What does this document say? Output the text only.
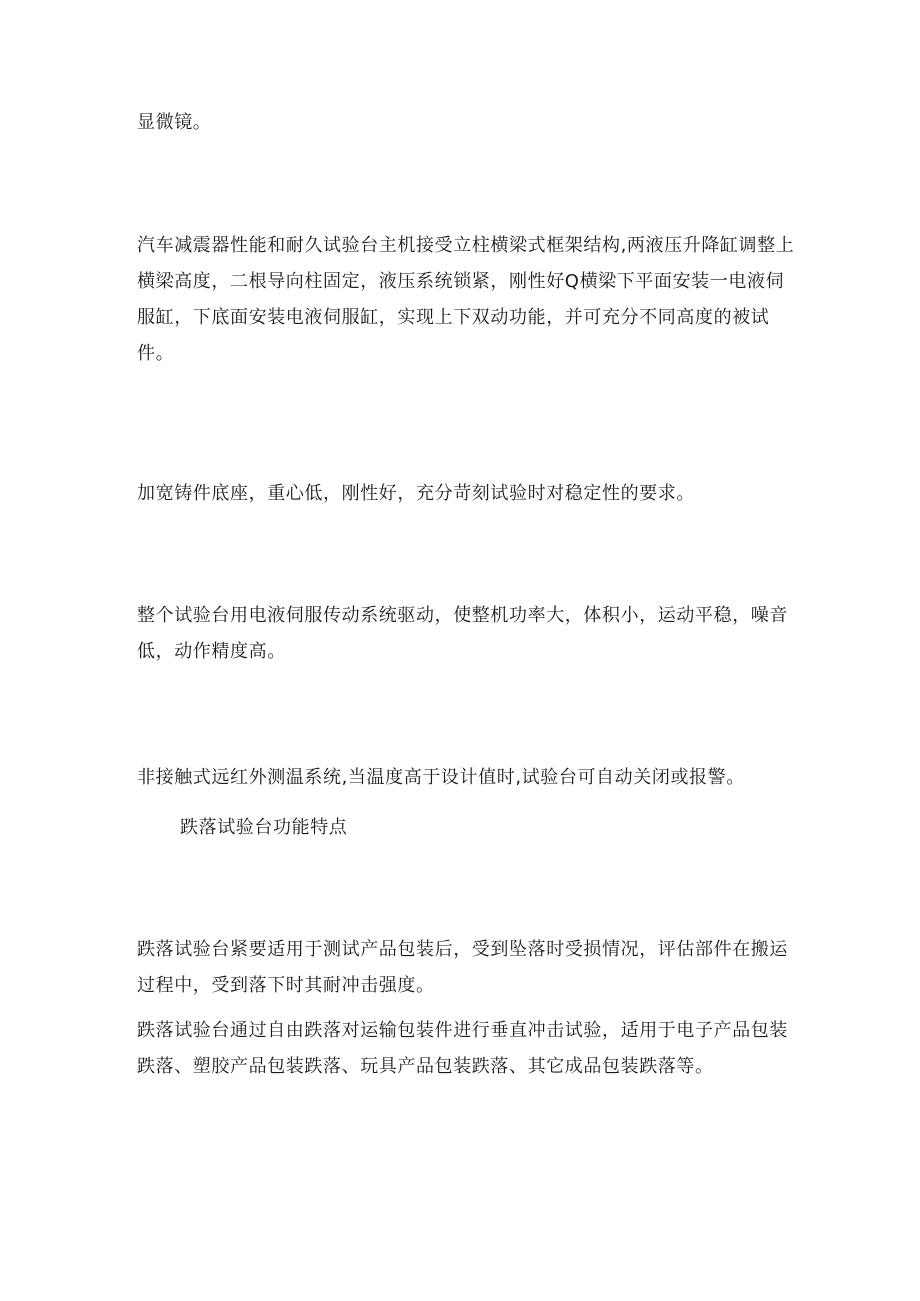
显微镜。

汽车减震器性能和耐久试验台主机接受立柱横梁式框架结构,两液压升降缸调整上横梁高度，二根导向柱固定，液压系统锁紧，刚性好Q横梁下平面安装一电液伺服缸，下底面安装电液伺服缸，实现上下双动功能，并可充分不同高度的被试件。

加宽铸件底座，重心低，刚性好，充分苛刻试验时对稳定性的要求。

整个试验台用电液伺服传动系统驱动，使整机功率大，体积小，运动平稳，噪音低，动作精度高。

非接触式远红外测温系统,当温度高于设计值时,试验台可自动关闭或报警。

跌落试验台功能特点

跌落试验台紧要适用于测试产品包装后，受到坠落时受损情况，评估部件在搬运过程中，受到落下时其耐冲击强度。

跌落试验台通过自由跌落对运输包装件进行垂直冲击试验，适用于电子产品包装跌落、塑胶产品包装跌落、玩具产品包装跌落、其它成品包装跌落等。
